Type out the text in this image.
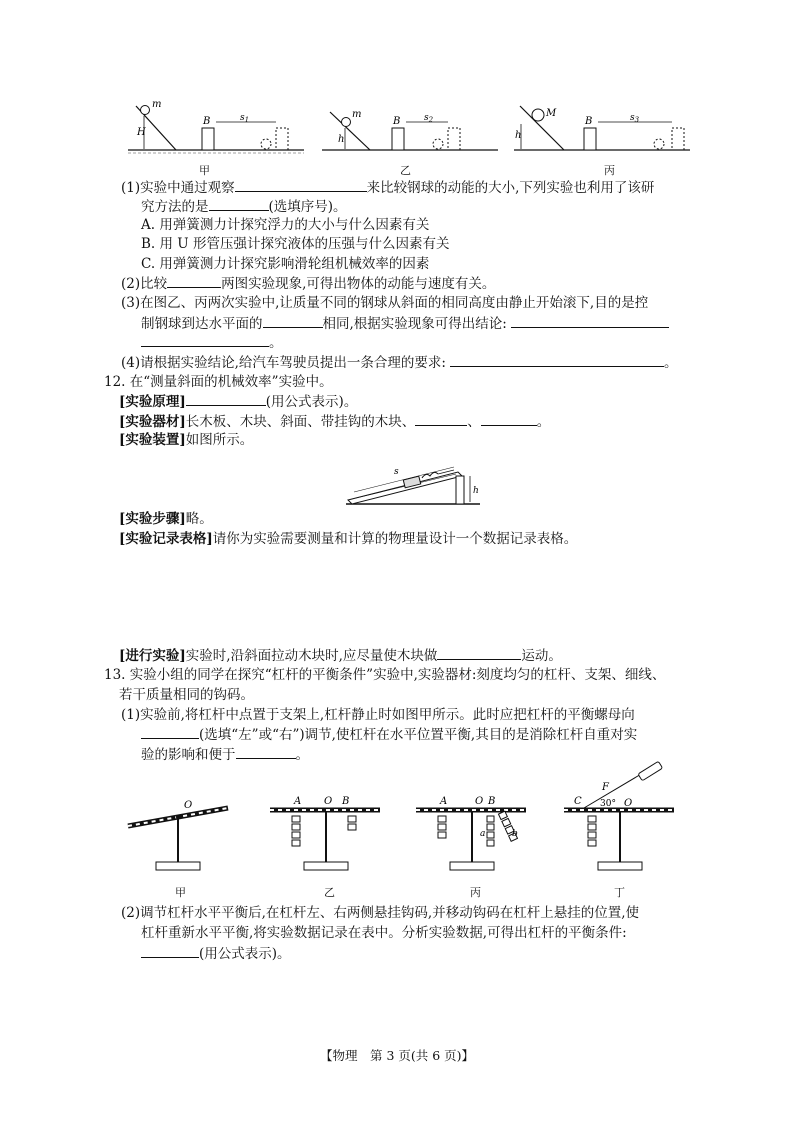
m
H
B	$s_1$
甲
m
h
B	$s_2$
乙
M
h
B	$s_3$
丙
(1)实验中通过观察	来比较钢球的动能的大小,下列实验也利用了该研
究方法的是	(选填序号)。
A. 用弹簧测力计探究浮力的大小与什么因素有关
B. 用 U 形管压强计探究液体的压强与什么因素有关
C. 用弹簧测力计探究影响滑轮组机械效率的因素
(2)比较	两图实验现象,可得出物体的动能与速度有关。
(3)在图乙、丙两次实验中,让质量不同的钢球从斜面的相同高度由静止开始滚下,目的是控
制钢球到达水平面的	相同,根据实验现象可得出结论:
。
(4)请根据实验结论,给汽车驾驶员提出一条合理的要求:	。
12. 在“测量斜面的机械效率”实验中。
[实验原理]	(用公式表示)。
[实验器材]长木板、木块、斜面、带挂钩的木块、	、	。
[实验装置]如图所示。
h
s
[实验步骤]略。
[实验记录表格]请你为实验需要测量和计算的物理量设计一个数据记录表格。
[进行实验]实验时,沿斜面拉动木块时,应尽量使木块做	运动。
13. 实验小组的同学在探究“杠杆的平衡条件”实验中,实验器材:刻度均匀的杠杆、支架、细线、
若干质量相同的钩码。
(1)实验前,将杠杆中点置于支架上,杠杆静止时如图甲所示。此时应把杠杆的平衡螺母向
(选填“左”或“右”)调节,使杠杆在水平位置平衡,其目的是消除杠杆自重对实
验的影响和便于	。
O
甲
A O B
乙
A	O B
a	b
丙
F
C 30° O
丁
(2)调节杠杆水平平衡后,在杠杆左、右两侧悬挂钩码,并移动钩码在杠杆上悬挂的位置,使
杠杆重新水平平衡,将实验数据记录在表中。分析实验数据,可得出杠杆的平衡条件:
(用公式表示)。
【物理　第 3 页(共 6 页)】
